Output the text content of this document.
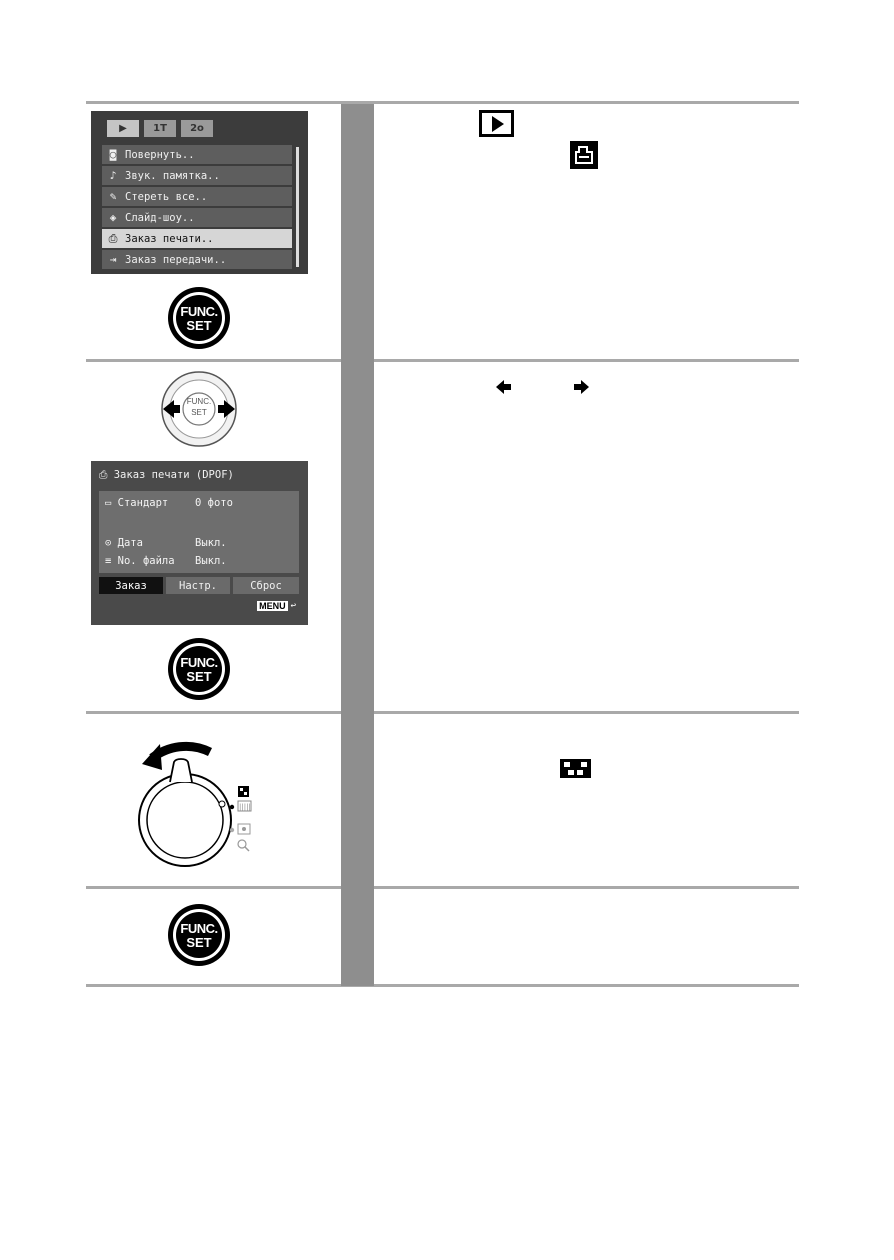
▶	1T	2o
◙ Повернуть..
♪ Звук. памятка..
✎ Стереть все..
◈ Слайд-шоу..
⎙ Заказ печати..
⇥ Заказ передачи..
FUNC.
SET
FUNC.
SET
⎙ Заказ печати (DPOF)
▭ Стандарт	0 фото
⊙ Дата	Выкл.
≡ No. файла Выкл.
Заказ	Настр.	Сброс
MENU ↩
FUNC.
SET
|||||
FUNC.
SET
